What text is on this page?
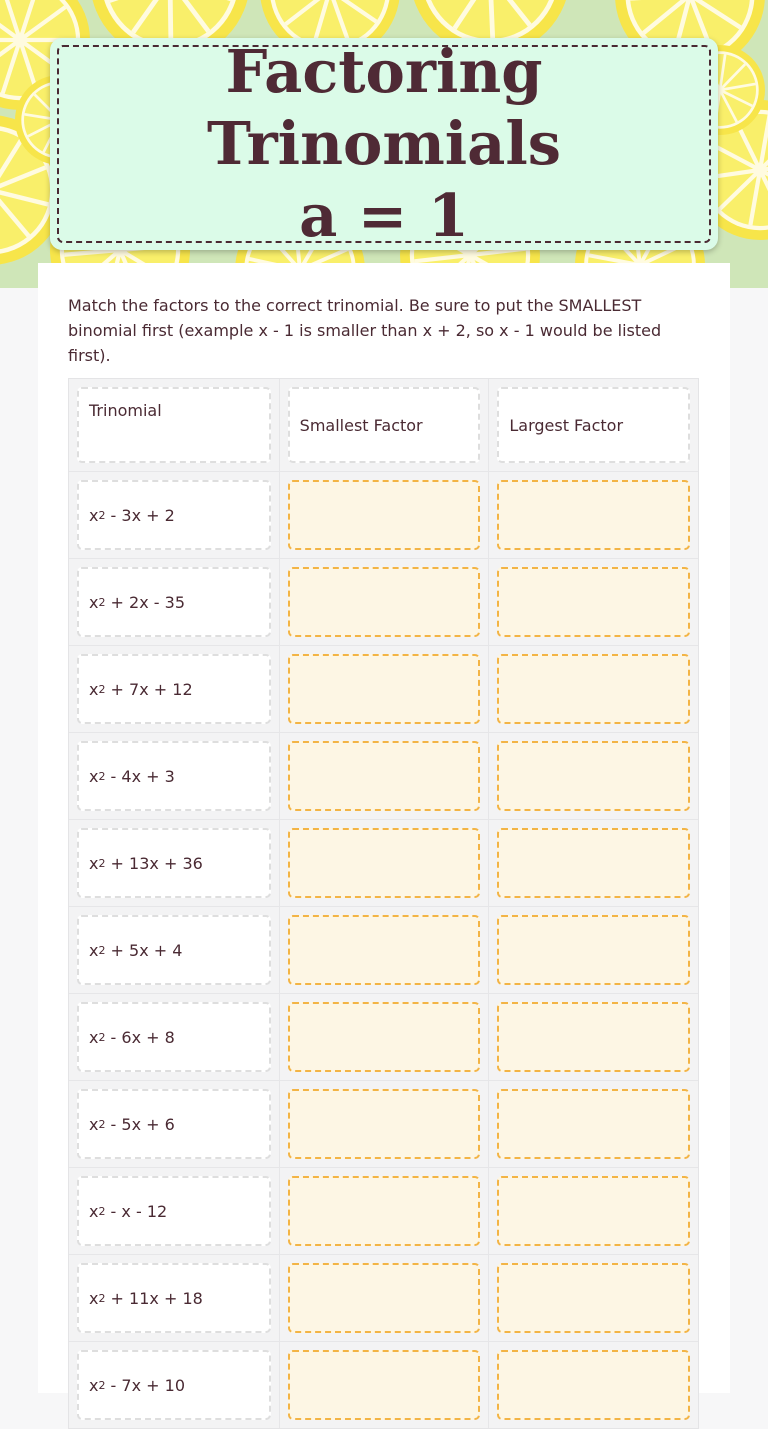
Factoring Trinomials
a = 1

Match the factors to the correct trinomial. Be sure to put the SMALLEST binomial first (example x - 1 is smaller than x + 2, so x - 1 would be listed first).

Trinomial
Smallest Factor	Largest Factor
x 2 - 3x + 2
x 2 + 2x - 35
x 2 + 7x + 12
x 2 - 4x + 3
x 2 + 13x + 36
x 2 + 5x + 4
x 2 - 6x + 8
x 2 - 5x + 6
x 2 - x - 12
x 2 + 11x + 18
x 2 - 7x + 10
